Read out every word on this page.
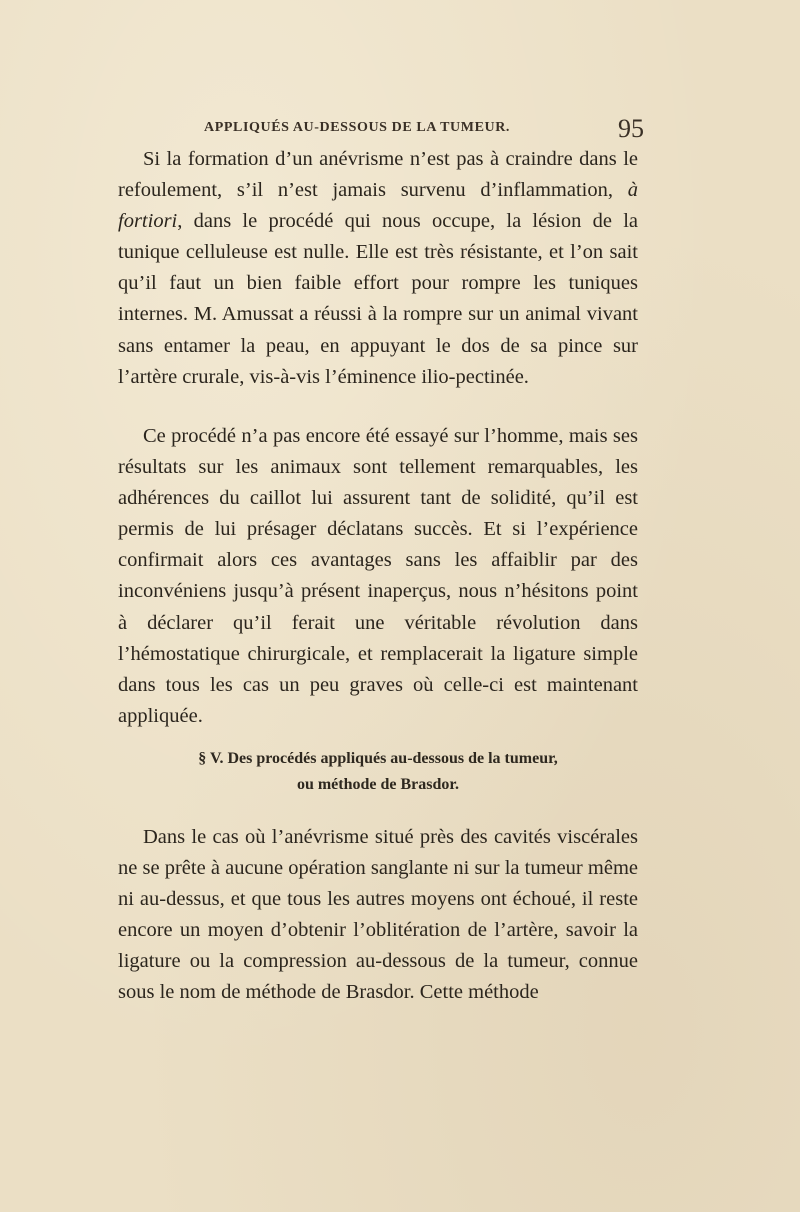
APPLIQUÉS AU-DESSOUS DE LA TUMEUR.	95

Si la formation d’un anévrisme n’est pas à craindre dans le refoulement, s’il n’est jamais survenu d’inflammation, à fortiori, dans le procédé qui nous occupe, la lésion de la tunique celluleuse est nulle. Elle est très résistante, et l’on sait qu’il faut un bien faible effort pour rompre les tuniques internes. M. Amussat a réussi à la rompre sur un animal vivant sans entamer la peau, en appuyant le dos de sa pince sur l’artère crurale, vis-à-vis l’éminence ilio-pectinée.

Ce procédé n’a pas encore été essayé sur l’homme, mais ses résultats sur les animaux sont tellement remarquables, les adhérences du caillot lui assurent tant de solidité, qu’il est permis de lui présager déclatans succès. Et si l’expérience confirmait alors ces avantages sans les affaiblir par des inconvéniens jusqu’à présent inaperçus, nous n’hésitons point à déclarer qu’il ferait une véritable révolution dans l’hémostatique chirurgicale, et remplacerait la ligature simple dans tous les cas un peu graves où celle-ci est maintenant appliquée.

§ V. Des procédés appliqués au-dessous de la tumeur,
ou méthode de Brasdor.

Dans le cas où l’anévrisme situé près des cavités viscérales ne se prête à aucune opération sanglante ni sur la tumeur même ni au-dessus, et que tous les autres moyens ont échoué, il reste encore un moyen d’obtenir l’oblitération de l’artère, savoir la ligature ou la compression au-dessous de la tumeur, connue sous le nom de méthode de Brasdor. Cette méthode
